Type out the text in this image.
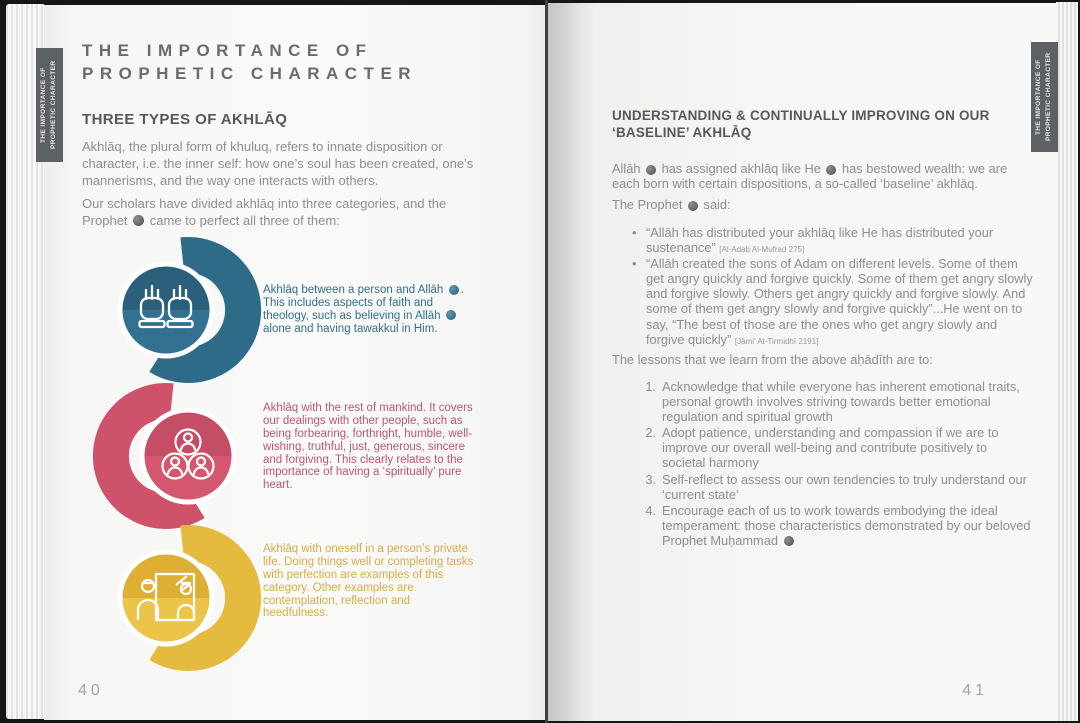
THE IMPORTANCE OF PROPHETIC CHARACTER	THE IMPORTANCE OF PROPHETIC CHARACTER
THE IMPORTANCE OF
PROPHETIC CHARACTER
THREE TYPES OF AKHLĀQ
Akhlāq, the plural form of khuluq, refers to innate disposition or character, i.e. the inner self: how one’s soul has been created, one’s mannerisms, and the way one interacts with others.
Our scholars have divided akhlāq into three categories, and the Prophet  came to perfect all three of them:
Akhlāq between a person and Allāh . This includes aspects of faith and theology, such as believing in Allāh  alone and having tawakkul in Him.
Akhlāq with the rest of mankind. It covers our dealings with other people, such as being forbearing, forthright, humble, well-wishing, truthful, just, generous, sincere and forgiving. This clearly relates to the importance of having a ‘spiritually’ pure heart.
Akhlāq with oneself in a person’s private life. Doing things well or completing tasks with perfection are examples of this category. Other examples are contemplation, reflection and heedfulness.
40
UNDERSTANDING & CONTINUALLY IMPROVING ON OUR ‘BASELINE’ AKHLĀQ
Allāh  has assigned akhlāq like He  has bestowed wealth: we are each born with certain dispositions, a so-called ‘baseline’ akhlāq.
The Prophet  said:
• “Allāh has distributed your akhlāq like He has distributed your sustenance” [Al-Adab Al-Mufrad 275]
• “Allāh created the sons of Adam on different levels. Some of them get angry quickly and forgive quickly. Some of them get angry slowly and forgive slowly. Others get angry quickly and forgive slowly. And some of them get angry slowly and forgive quickly”...He went on to say, “The best of those are the ones who get angry slowly and forgive quickly” [Jāmi’ At-Tirmidhī 2191]
The lessons that we learn from the above aḥādīth are to:
1. Acknowledge that while everyone has inherent emotional traits, personal growth involves striving towards better emotional regulation and spiritual growth
2. Adopt patience, understanding and compassion if we are to improve our overall well-being and contribute positively to societal harmony
3. Self-reflect to assess our own tendencies to truly understand our ‘current state’
4. Encourage each of us to work towards embodying the ideal temperament: those characteristics demonstrated by our beloved Prophet Muḥammad
41
